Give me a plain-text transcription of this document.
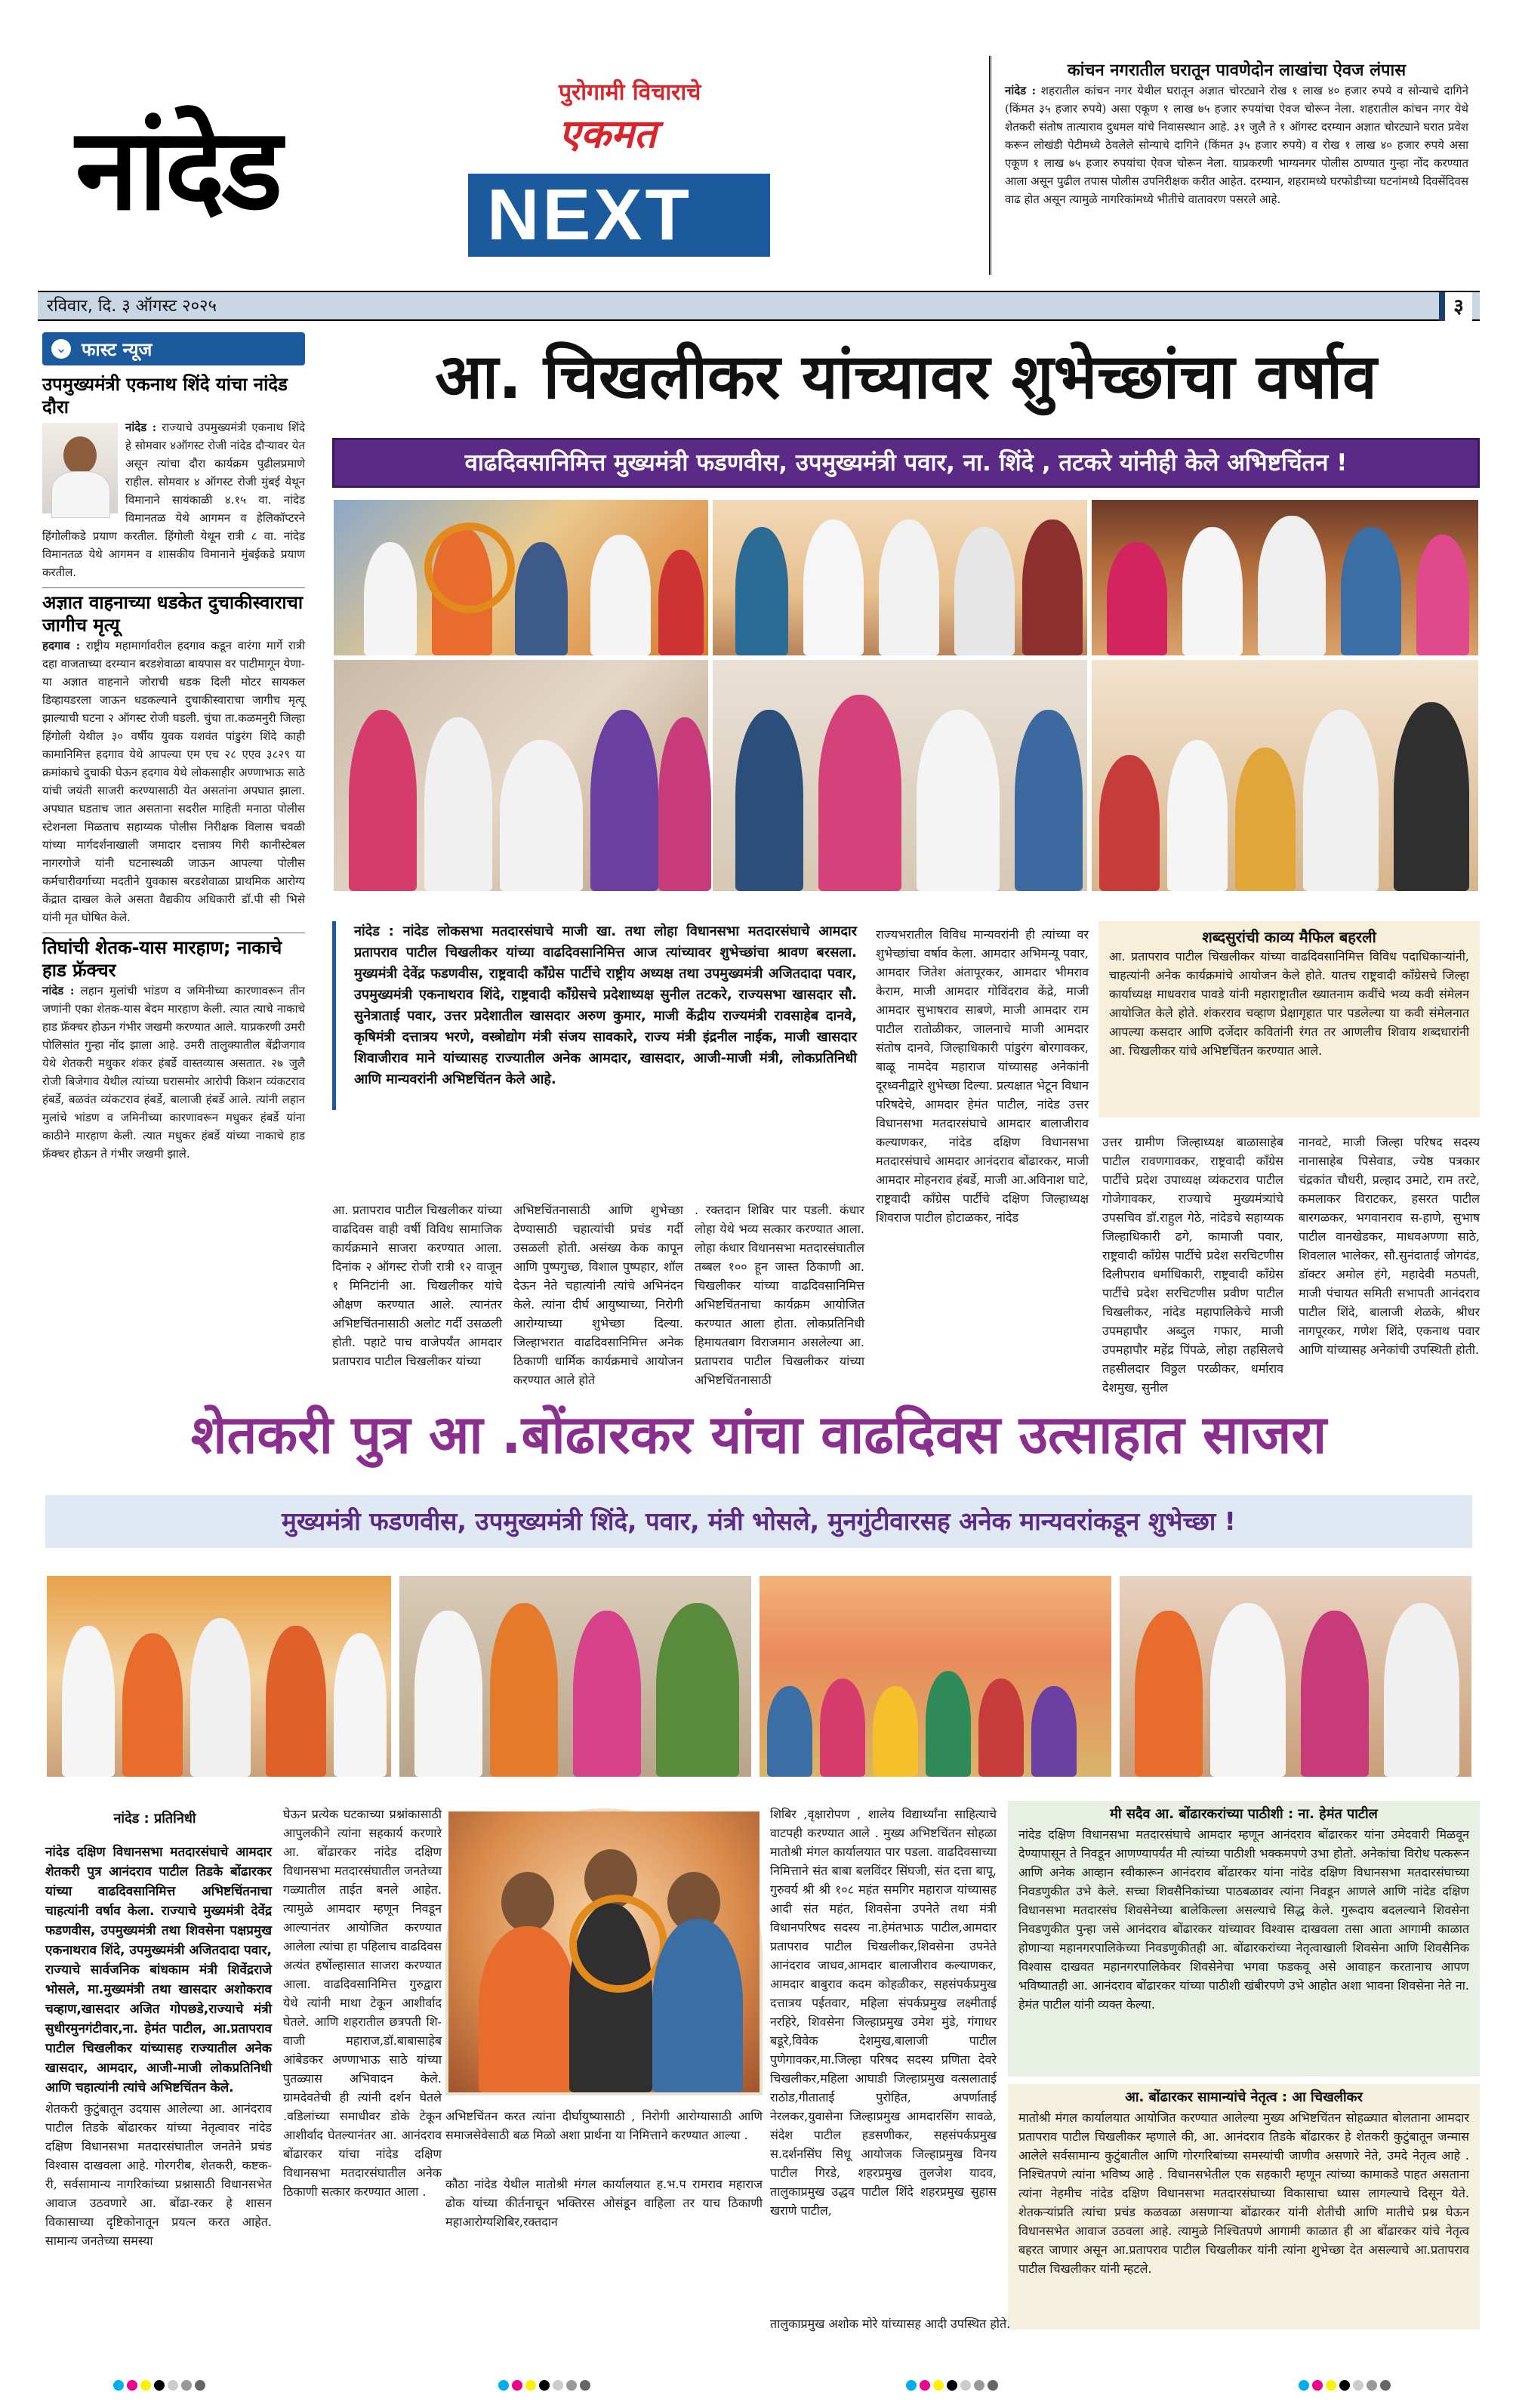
नांदेड
पुरोगामी विचाराचे
एकमत
NEXT
कांचन नगरातील घरातून पावणेदोन लाखांचा ऐवज लंपास
नांदेड : शहरातील कांचन नगर येथील घरातून अज्ञात चोरट्याने रोख १ लाख ४० हजार रुपये व सोन्याचे दागिने (किंमत ३५ हजार रुपये) असा एकूण १ लाख ७५ हजार रुपयांचा ऐवज चोरून नेला. शहरातील कांचन नगर येथे शेतकरी संतोष तात्याराव दुधमल यांचे निवासस्थान आहे. ३१ जुलै ते १ ऑगस्ट दरम्यान अज्ञात चोरट्याने घरात प्रवेश करून लोखंडी पेटीमध्ये ठेवलेले सोन्याचे दागिने (किंमत ३५ हजार रुपये) व रोख १ लाख ४० हजार रुपये असा एकूण १ लाख ७५ हजार रुपयांचा ऐवज चोरून नेला. याप्रकरणी भाग्यनगर पोलीस ठाण्यात गुन्हा नोंद करण्यात आला असून पुढील तपास पोलीस उपनिरीक्षक करीत आहेत. दरम्यान, शहरामध्ये घरफोडीच्या घटनांमध्ये दिवसेंदिवस वाढ होत असून त्यामुळे नागरिकांमध्ये भीतीचे वातावरण पसरले आहे.
रविवार, दि. ३ ऑगस्ट २०२५	३
⌄ फास्ट न्यूज
उपमुख्यमंत्री एकनाथ शिंदे यांचा नांदेड दौरा
नांदेड : राज्याचे उपमुख्यमंत्री एकनाथ शिंदे हे सोमवार ४ऑगस्ट रोजी नांदेड दौऱ्यावर येत असून त्यांचा दौरा कार्यक्रम पुढीलप्रमाणे राहील. सोमवार ४ ऑगस्ट रोजी मुंबई येथून विमानाने सायंकाळी ४.१५ वा. नांदेड विमानतळ येथे आगमन व हेलिकॉप्टरने हिंगोलीकडे प्रयाण करतील. हिंगोली येथून रात्री ८ वा. नांदेड विमानतळ येथे आगमन व शासकीय विमानाने मुंबईकडे प्रयाण करतील.
अज्ञात वाहनाच्या धडकेत दुचाकीस्वाराचा जागीच मृत्यू
हदगाव : राष्ट्रीय महामार्गावरील हदगाव कडून वारंगा मार्गे रात्री दहा वाजताच्या दरम्यान बरडशेवाळा बायपास वर पाटीमागून येणा-या अज्ञात वाहनाने जोराची धडक दिली मोटर सायकल डिव्हायडरला जाऊन धडकल्याने दुचाकीस्वाराचा जागीच मृत्यू झाल्याची घटना २ ऑगस्ट रोजी घडली. चुंचा ता.कळमनुरी जिल्हा हिंगोली येथील ३० वर्षीय युवक यशवंत पांडुरंग शिंदे काही कामानिमित्त हदगाव येथे आपल्या एम एच २८ एएव ३८२९ या क्रमांकाचे दुचाकी घेऊन हदगाव येथे लोकसाहीर अण्णाभाऊ साठे यांची जयंती साजरी करण्यासाठी येत असतांना अपघात झाला. अपघात घडताच जात असताना सदरील माहिती मनाठा पोलीस स्टेशनला मिळताच सहाय्यक पोलीस निरीक्षक विलास चवळी यांच्या मार्गदर्शनाखाली जमादार दत्तात्रय गिरी कानीस्टेबल नागरगोजे यांनी घटनास्थळी जाऊन आपल्या पोलीस कर्मचारीवर्गाच्या मदतीने युवकास बरडशेवाळा प्राथमिक आरोग्य केंद्रात दाखल केले असता वैद्यकीय अधिकारी डॉ.पी सी भिसे यांनी मृत घोषित केले.
तिघांची शेतक-यास मारहाण; नाकाचे हाड फ्रॅक्चर
नांदेड : लहान मुलांची भांडण व जमिनीच्या कारणावरून तीन जणांनी एका शेतक-यास बेदम मारहाण केली. त्यात त्याचे नाकाचे हाड फ्रॅक्चर होऊन गंभीर जखमी करण्यात आले. याप्रकरणी उमरी पोलिसांत गुन्हा नोंद झाला आहे. उमरी तालुक्यातील बेंद्रीजगाव येथे शेतकरी मधुकर शंकर हंबर्डे वास्तव्यास असतात. २७ जुलै रोजी बिजेगाव येथील त्यांच्या घरासमोर आरोपी किशन व्यंकटराव हंबर्डे, बळवंत व्यंकटराव हंबर्डे, बालाजी हंबर्डे आले. त्यांनी लहान मुलांचे भांडण व जमिनीच्या कारणावरून मधुकर हंबर्डे यांना काठीने मारहाण केली. त्यात मधुकर हंबर्डे यांच्या नाकाचे हाड फ्रॅक्चर होऊन ते गंभीर जखमी झाले.
आ. चिखलीकर यांच्यावर शुभेच्छांचा वर्षाव
वाढदिवसानिमित्त मुख्यमंत्री फडणवीस, उपमुख्यमंत्री पवार, ना. शिंदे , तटकरे यांनीही केले अभिष्टचिंतन !
नांदेड : नांदेड लोकसभा मतदारसंघाचे माजी खा. तथा लोहा विधानसभा मतदारसंघाचे आमदार प्रतापराव पाटील चिखलीकर यांच्या वाढदिवसानिमित्त आज त्यांच्यावर शुभेच्छांचा श्रावण बरसला. मुख्यमंत्री देवेंद्र फडणवीस, राष्ट्रवादी कॉंग्रेस पार्टीचे राष्ट्रीय अध्यक्ष तथा उपमुख्यमंत्री अजितदादा पवार, उपमुख्यमंत्री एकनाथराव शिंदे, राष्ट्रवादी कॉंग्रेसचे प्रदेशाध्यक्ष सुनील तटकरे, राज्यसभा खासदार सौ. सुनेत्राताई पवार, उत्तर प्रदेशातील खासदार अरुण कुमार, माजी केंद्रीय राज्यमंत्री रावसाहेब दानवे, कृषिमंत्री दत्तात्रय भरणे, वस्त्रोद्योग मंत्री संजय सावकारे, राज्य मंत्री इंद्रनील नाईक, माजी खासदार शिवाजीराव माने यांच्यासह राज्यातील अनेक आमदार, खासदार, आजी-माजी मंत्री, लोकप्रतिनिधी आणि मान्यवरांनी अभिष्टचिंतन केले आहे.
राज्यभरातील विविध मान्यवरांनी ही त्यांच्या वर शुभेच्छांचा वर्षाव केला. आमदार अभिमन्यू पवार, आमदार जितेश अंतापूरकर, आमदार भीमराव केराम, माजी आमदार गोविंदराव केंद्रे, माजी आमदार सुभाषराव साबणे, माजी आमदार राम पाटील रातोळीकर, जालनाचे माजी आमदार संतोष दानवे, जिल्हाधिकारी पांडुरंग बोरगावकर, बाळू नामदेव महाराज यांच्यासह अनेकांनी दूरध्वनीद्वारे शुभेच्छा दिल्या. प्रत्यक्षात भेटून विधान परिषदेचे, आमदार हेमंत पाटील, नांदेड उत्तर विधानसभा मतदारसंघाचे आमदार बालाजीराव कल्याणकर, नांदेड दक्षिण विधानसभा मतदारसंघाचे आमदार आनंदराव बोंढारकर, माजी आमदार मोहनराव हंबर्डे, माजी आ.अविनाश घाटे, राष्ट्रवादी कॉंग्रेस पार्टीचे दक्षिण जिल्हाध्यक्ष शिवराज पाटील होटाळकर, नांदेड
शब्दसुरांची काव्य मैफिल बहरली
आ. प्रतापराव पाटील चिखलीकर यांच्या वाढदिवसानिमित्त विविध पदाधिकाऱ्यांनी, चाहत्यांनी अनेक कार्यक्रमांचे आयोजन केले होते. यातच राष्ट्रवादी कॉंग्रेसचे जिल्हा कार्याध्यक्ष माधवराव पावडे यांनी महाराष्ट्रातील ख्यातनाम कवींचे भव्य कवी संमेलन आयोजित केले होते. शंकरराव चव्हाण प्रेक्षागृहात पार पडलेल्या या कवी संमेलनात आपल्या कसदार आणि दर्जेदार कवितांनी रंगत तर आणलीच शिवाय शब्दधारांनी आ. चिखलीकर यांचे अभिष्टचिंतन करण्यात आले.
आ. प्रतापराव पाटील चिखलीकर यांच्या वाढदिवस वाही वर्षी विविध सामाजिक कार्यक्रमाने साजरा करण्यात आला. दिनांक २ ऑगस्ट रोजी रात्री १२ वाजून १ मिनिटांनी आ. चिखलीकर यांचे औक्षण करण्यात आले. त्यानंतर अभिष्टचिंतनासाठी अलोट गर्दी उसळली होती. पहाटे पाच वाजेपर्यंत आमदार प्रतापराव पाटील चिखलीकर यांच्या
अभिष्टचिंतनासाठी आणि शुभेच्छा देण्यासाठी चहात्यांची प्रचंड गर्दी उसळली होती. असंख्य केक कापून आणि पुष्पगुच्छ, विशाल पुष्पहार, शॉल देऊन नेते चहात्यांनी त्यांचे अभिनंदन केले. त्यांना दीर्घ आयुष्याच्या, निरोगी आरोग्याच्या शुभेच्छा दिल्या. जिल्हाभरात वाढदिवसानिमित्त अनेक ठिकाणी धार्मिक कार्यक्रमाचे आयोजन करण्यात आले होते
. रक्तदान शिबिर पार पडली. कंधार लोहा येथे भव्य सत्कार करण्यात आला. लोहा कंधार विधानसभा मतदारसंघातील तब्बल १०० हून जास्त ठिकाणी आ. चिखलीकर यांच्या वाढदिवसानिमित्त अभिष्टचिंतनाचा कार्यक्रम आयोजित करण्यात आला होता. लोकप्रतिनिधी हिमायतबाग विराजमान असलेल्या आ. प्रतापराव पाटील चिखलीकर यांच्या अभिष्टचिंतनासाठी
उत्तर ग्रामीण जिल्हाध्यक्ष बाळासाहेब पाटील रावणगावकर, राष्ट्रवादी कॉंग्रेस पार्टीचे प्रदेश उपाध्यक्ष व्यंकटराव पाटील गोजेगावकर, राज्याचे मुख्यमंत्र्यांचे उपसचिव डॉ.राहुल गेठे, नांदेडचे सहाय्यक जिल्हाधिकारी ढगे, कामाजी पवार, राष्ट्रवादी कॉंग्रेस पार्टीचे प्रदेश सरचिटणीस दिलीपराव धर्माधिकारी, राष्ट्रवादी कॉंग्रेस पार्टीचे प्रदेश सरचिटणीस प्रवीण पाटील चिखलीकर, नांदेड महापालिकेचे माजी उपमहापौर अब्दुल गफार, माजी उपमहापौर महेंद्र पिंपळे, लोहा तहसिलचे तहसीलदार विठ्ठल परळीकर, धर्माराव देशमुख, सुनील
नानवटे, माजी जिल्हा परिषद सदस्य नानासाहेब पिसेवाड, ज्येष्ठ पत्रकार चंद्रकांत चौधरी, प्रल्हाद उमाटे, राम तरटे, कमलाकर विराटकर, हसरत पाटील बारगळकर, भगवानराव स-हाणे, सुभाष पाटील वानखेडकर, माधवअण्णा साठे, शिवलाल भालेकर, सौ.सुनंदाताई जोगदंड, डॉक्टर अमोल हंगे, महादेवी मठपती, माजी पंचायत समिती सभापती आनंदराव पाटील शिंदे, बालाजी शेळके, श्रीधर नागपूरकर, गणेश शिंदे, एकनाथ पवार आणि यांच्यासह अनेकांची उपस्थिती होती.
शेतकरी पुत्र आ .बोंढारकर यांचा वाढदिवस उत्साहात साजरा
मुख्यमंत्री फडणवीस, उपमुख्यमंत्री शिंदे, पवार, मंत्री भोसले, मुनगुंटीवारसह अनेक मान्यवरांकडून शुभेच्छा !
नांदेड : प्रतिनिधी
नांदेड दक्षिण विधानसभा मतदारसंघाचे आमदार शेतकरी पुत्र आनंदराव पाटील तिडके बोंढारकर यांच्या वाढदिवसानिमित्त अभिष्टचिंतनाचा चाहत्यांनी वर्षाव केला. राज्याचे मुख्यमंत्री देवेंद्र फडणवीस, उपमुख्यमंत्री तथा शिवसेना पक्षप्रमुख एकनाथराव शिंदे, उपमुख्यमंत्री अजितदादा पवार, राज्याचे सार्वजनिक बांधकाम मंत्री शिवेंद्रराजे भोसले, मा.मुख्यमंत्री तथा खासदार अशोकराव चव्हाण,खासदार अजित गोपछडे,राज्याचे मंत्री सुधीरमुनगंटीवार,ना. हेमंत पाटील, आ.प्रतापराव पाटील चिखलीकर यांच्यासह राज्यातील अनेक खासदार, आमदार, आजी-माजी लोकप्रतिनिधी आणि चहात्यांनी त्यांचे अभिष्टचिंतन केले.
शेतकरी कुटुंबातून उदयास आलेल्या आ. आनंदराव पाटील तिडके बोंढारकर यांच्या नेतृत्वावर नांदेड दक्षिण विधानसभा मतदारसंघातील जनतेने प्रचंड विश्वास दाखवला आहे. गोरगरीब, शेतकरी, कष्टक-री, सर्वसामान्य नागरिकांच्या प्रश्नासाठी विधानसभेत आवाज उठवणारे आ. बोंढा-रकर हे शासन विकासाच्या दृष्टिकोनातून प्रयत्न करत आहेत. सामान्य जनतेच्या समस्या
घेऊन प्रत्येक घटकाच्या प्रश्नांकासाठी आपुलकीने त्यांना सहकार्य करणारे आ. बोंढारकर नांदेड दक्षिण विधानसभा मतदारसंघातील जनतेच्या गळ्यातील ताईत बनले आहेत. त्यामुळे आमदार म्हणून निवडून आल्यानंतर आयोजित करण्यात आलेला त्यांचा हा पहिलाच वाढदिवस अत्यंत हर्षोल्हासात साजरा करण्यात आला. वाढदिवसानिमित्त गुरुद्वारा येथे त्यांनी माथा टेकून आशीर्वाद घेतले. आणि शहरातील छत्रपती शि-वाजी महाराज,डॉ.बाबासाहेब आंबेडकर अण्णाभाऊ साठे यांच्या पुतळ्यास अभिवादन केले. ग्रामदेवतेची ही त्यांनी दर्शन घेतले .वडिलांच्या समाधीवर डोके टेकून आशीर्वाद घेतल्यानंतर आ. आनंदराव बोंढारकर यांचा नांदेड दक्षिण विधानसभा मतदारसंघातील अनेक ठिकाणी सत्कार करण्यात आला .
अभिष्टचिंतन करत त्यांना दीर्घायुष्यासाठी , निरोगी आरोग्यासाठी आणि समाजसेवेसाठी बळ मिळो अशा प्रार्थना या निमित्ताने करण्यात आल्या .
कौठा नांदेड येथील मातोश्री मंगल कार्यालयात ह.भ.प रामराव महाराज ढोक यांच्या कीर्तनाचून भक्तिरस ओसंडून वाहिला तर याच ठिकाणी महाआरोग्यशिबिर,रक्तदान
शिबिर ,वृक्षारोपण , शालेय विद्यार्थ्यांना साहित्याचे वाटपही करण्यात आले . मुख्य अभिष्टचिंतन सोहळा मातोश्री मंगल कार्यालयात पार पडला. वाढदिवसाच्या निमित्ताने संत बाबा बलविंदर सिंघजी, संत दत्ता बापू, गुरुवर्य श्री श्री १०८ महंत समगिर महाराज यांच्यासह आदी संत महंत, शिवसेना उपनेते तथा मंत्री विधानपरिषद सदस्य ना.हेमंतभाऊ पाटील,आमदार प्रतापराव पाटील चिखलीकर,शिवसेना उपनेते आनंदराव जाधव,आमदार बालाजीराव कल्याणकर, आमदार बाबुराव कदम कोहळीकर, सहसंपर्कप्रमुख दत्तात्रय पईतवार, महिला संपर्कप्रमुख लक्ष्मीताई नरहिरे, शिवसेना जिल्हाप्रमुख उमेश मुंडे, गंगाधर बडूरे,विवेक देशमुख,बालाजी पाटील पुणेगावकर,मा.जिल्हा परिषद सदस्य प्रणिता देवरे चिखलीकर,महिला आघाडी जिल्हाप्रमुख वत्सलाताई राठोड,गीताताई पुरोहित, अपर्णाताई नेरलकर,युवासेना जिल्हाप्रमुख आमदारसिंग सावळे, संदेश पाटील हडसणीकर, सहसंपर्कप्रमुख स.दर्शनसिंघ सिधू आयोजक जिल्हाप्रमुख विनय पाटील गिरडे, शहरप्रमुख तुलजेश यादव, तालुकाप्रमुख उद्धव पाटील शिंदे शहरप्रमुख सुहास खराणे पाटील,
मी सदैव आ. बोंढारकरांच्या पाठीशी : ना. हेमंत पाटील
नांदेड दक्षिण विधानसभा मतदारसंघाचे आमदार म्हणून आनंदराव बोंढारकर यांना उमेदवारी मिळवून देण्यापासून ते निवडून आणण्यापर्यंत मी त्यांच्या पाठीशी भक्कमपणे उभा होतो. अनेकांचा विरोध पत्करून आणि अनेक आव्हान स्वीकारून आनंदराव बोंढारकर यांना नांदेड दक्षिण विधानसभा मतदारसंघाच्या निवडणुकीत उभे केले. सच्चा शिवसैनिकांच्या पाठबळावर त्यांना निवडून आणले आणि नांदेड दक्षिण विधानसभा मतदारसंघ शिवसेनेच्या बालेकिल्ला असल्याचे सिद्ध केले. गुरूदाय बदलल्याने शिवसेना निवडणुकीत पुन्हा जसे आनंदराव बोंढारकर यांच्यावर विश्वास दाखवला तसा आता आगामी काळात होणाऱ्या महानगरपालिकेच्या निवडणुकीतही आ. बोंढारकरांच्या नेतृत्वाखाली शिवसेना आणि शिवसैनिक विश्वास दाखवत महानगरपालिकेवर शिवसेनेचा भगवा फडकवू असे आवाहन करतानाच आपण भविष्यातही आ. आनंदराव बोंढारकर यांच्या पाठीशी खंबीरपणे उभे आहोत अशा भावना शिवसेना नेते ना. हेमंत पाटील यांनी व्यक्त केल्या.
आ. बोंढारकर सामान्यांचे नेतृत्व : आ चिखलीकर
मातोश्री मंगल कार्यालयात आयोजित करण्यात आलेल्या मुख्य अभिष्टचिंतन सोहळ्यात बोलताना आमदार प्रतापराव पाटील चिखलीकर म्हणाले की, आ. आनंदराव तिडके बोंढारकर हे शेतकरी कुटुंबातून जन्मास आलेले सर्वसामान्य कुटुंबातील आणि गोरगरिबांच्या समस्यांची जाणीव असणारे नेते, उमदे नेतृत्व आहे . निश्चितपणे त्यांना भविष्य आहे . विधानसभेतील एक सहकारी म्हणून त्यांच्या कामाकडे पाहत असताना त्यांना नेहमीच नांदेड दक्षिण विधानसभा मतदारसंघाच्या विकासाचा ध्यास लागल्याचे दिसून येते. शेतकऱ्यांप्रति त्यांचा प्रचंड कळवळा असणाऱ्या बोंढारकर यांनी शेतीची आणि मातीचे प्रश्न घेऊन विधानसभेत आवाज उठवला आहे. त्यामुळे निश्चितपणे आगामी काळात ही आ बोंढारकर यांचे नेतृत्व बहरत जाणार असून आ.प्रतापराव पाटील चिखलीकर यांनी त्यांना शुभेच्छा देत असल्याचे आ.प्रतापराव पाटील चिखलीकर यांनी म्हटले.
तालुकाप्रमुख अशोक मोरे यांच्यासह आदी उपस्थित होते.
